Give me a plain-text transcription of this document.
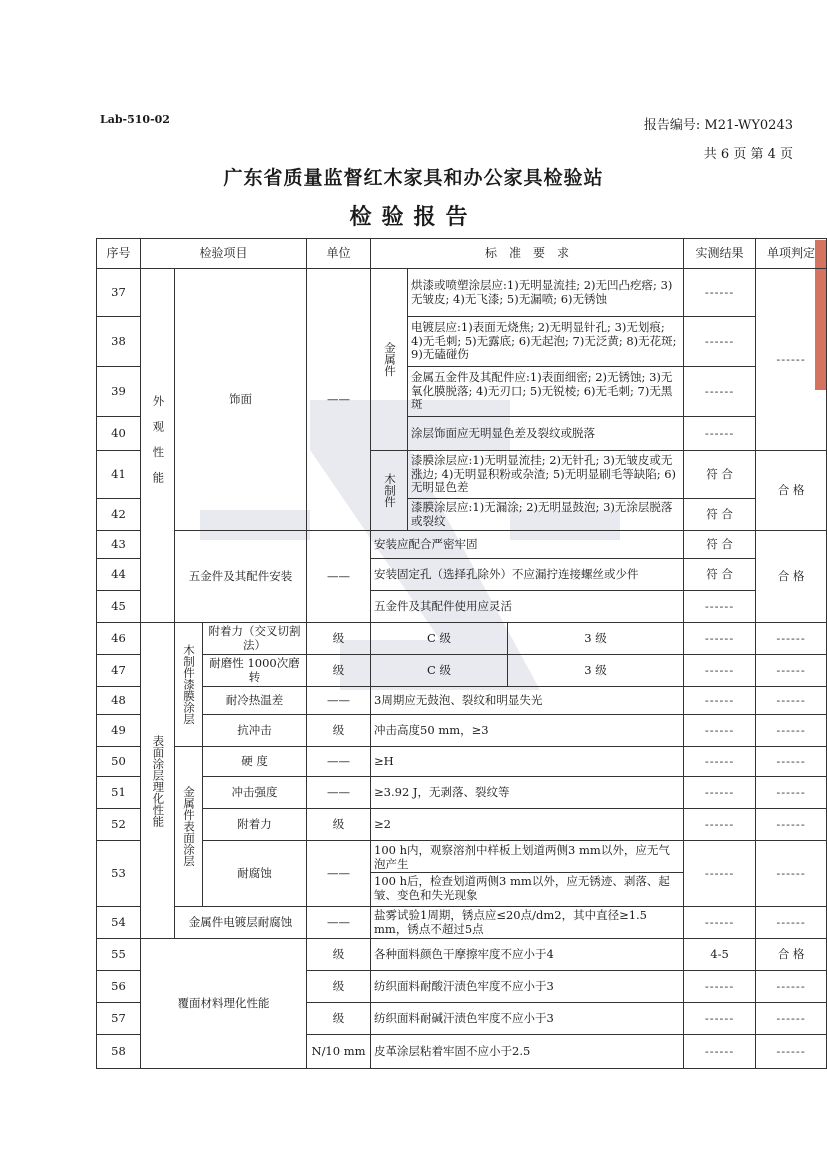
Lab-510-02	报告编号: M21-WY0243
共 6 页 第 4 页
广东省质量监督红木家具和办公家具检验站
检验报告
序号	检验项目			单位	标　准　要　求			实测结果	单项判定
37	外观性能	饰面		——	金属件	烘漆或喷塑涂层应:1)无明显流挂; 2)无凹凸疙瘩; 3)无皱皮; 4)无飞漆; 5)无漏喷; 6)无锈蚀		------	------
38						电镀层应:1)表面无烧焦; 2)无明显针孔; 3)无划痕; 4)无毛刺; 5)无露底; 6)无起泡; 7)无泛黄; 8)无花斑; 9)无磕碰伤		------	
39						金属五金件及其配件应:1)表面细密; 2)无锈蚀; 3)无氧化膜脱落; 4)无刃口; 5)无锐棱; 6)无毛刺; 7)无黑斑		------	
40						涂层饰面应无明显色差及裂纹或脱落		------	
41					木制件	漆膜涂层应:1)无明显流挂; 2)无针孔; 3)无皱皮或无涨边; 4)无明显积粉或杂渣; 5)无明显刷毛等缺陷; 6)无明显色差		符 合	合 格
42						漆膜涂层应:1)无漏涂; 2)无明显鼓泡; 3)无涂层脱落或裂纹		符 合	
43		五金件及其配件安装		——	安装应配合严密牢固			符 合	合 格
44					安装固定孔（选择孔除外）不应漏拧连接螺丝或少件			符 合	
45					五金件及其配件使用应灵活			------	
46	表面涂层理化性能	木制件漆膜涂层	附着力（交叉切割法）	级	C 级		3 级	------	------
47			耐磨性 1000次磨转	级	C 级		3 级	------	------
48			耐冷热温差	——	3周期应无鼓泡、裂纹和明显失光			------	------
49			抗冲击	级	冲击高度50 mm，≥3			------	------
50		金属件表面涂层	硬 度	——	≥H			------	------
51			冲击强度	——	≥3.92 J，无剥落、裂纹等			------	------
52			附着力	级	≥2			------	------
53			耐腐蚀	——	100 h内，观察溶剂中样板上划道两侧3 mm以外，应无气泡产生
100 h后，检查划道两侧3 mm以外，应无锈迹、剥落、起皱、变色和失光现象			------	------
54		金属件电镀层耐腐蚀		——	盐雾试验1周期，锈点应≤20点/dm2，其中直径≥1.5 mm，锈点不超过5点			------	------
55	覆面材料理化性能			级	各种面料颜色干摩擦牢度不应小于4			4-5	合 格
56				级	纺织面料耐酸汗渍色牢度不应小于3			------	------
57				级	纺织面料耐碱汗渍色牢度不应小于3			------	------
58				N/10 mm	皮革涂层粘着牢固不应小于2.5			------	------
